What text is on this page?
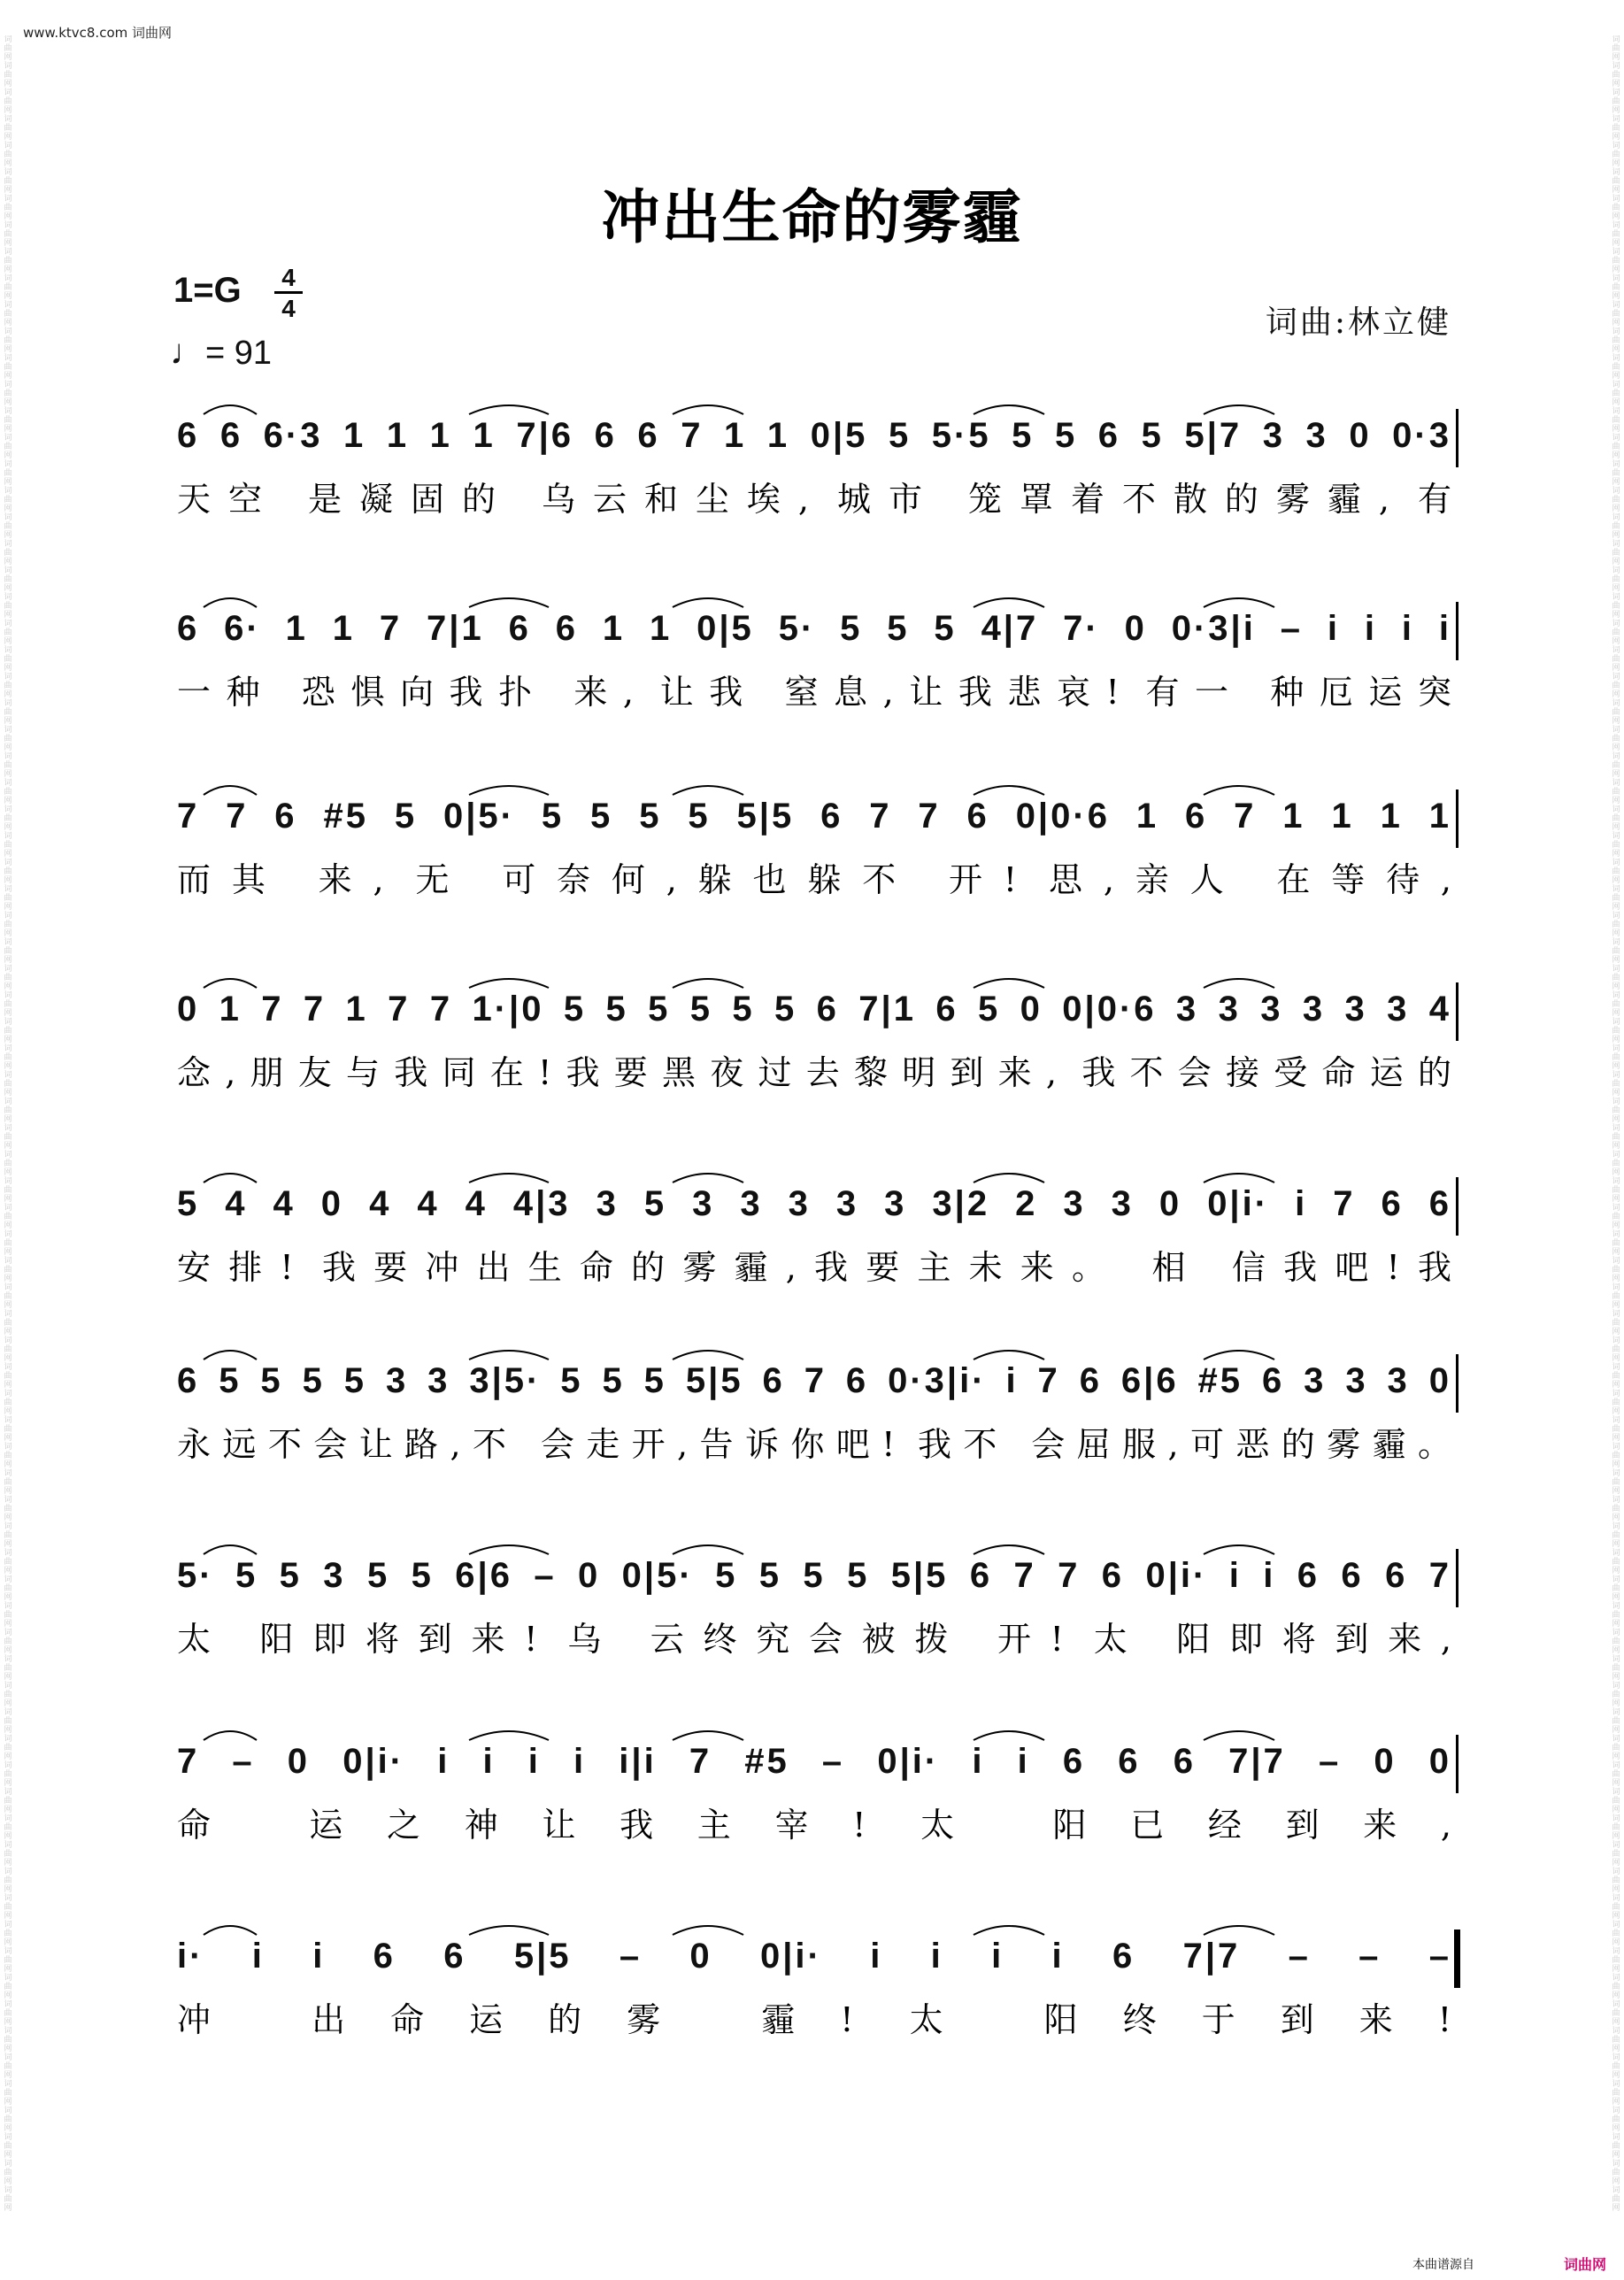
词曲网 词曲网 词曲网 词曲网 词曲网 词曲网 词曲网 词曲网 词曲网 词曲网 词曲网 词曲网 词曲网 词曲网 词曲网 词曲网 词曲网 词曲网 词曲网 词曲网 词曲网 词曲网 词曲网 词曲网 词曲网 词曲网 词曲网 词曲网 词曲网 词曲网 词曲网 词曲网 词曲网 词曲网 词曲网 词曲网 词曲网 词曲网 词曲网 词曲网 词曲网 词曲网 词曲网 词曲网 词曲网 词曲网 词曲网 词曲网 词曲网 词曲网 词曲网 词曲网 词曲网 词曲网 词曲网 词曲网 词曲网 词曲网 词曲网 词曲网 词曲网 词曲网 词曲网 词曲网 词曲网 词曲网 词曲网 词曲网 词曲网 词曲网 词曲网 词曲网 词曲网 词曲网 词曲网 词曲网 词曲网 词曲网 词曲网 词曲网 词曲网 词曲网
词曲网 词曲网 词曲网 词曲网 词曲网 词曲网 词曲网 词曲网 词曲网 词曲网 词曲网 词曲网 词曲网 词曲网 词曲网 词曲网 词曲网 词曲网 词曲网 词曲网 词曲网 词曲网 词曲网 词曲网 词曲网 词曲网 词曲网 词曲网 词曲网 词曲网 词曲网 词曲网 词曲网 词曲网 词曲网 词曲网 词曲网 词曲网 词曲网 词曲网 词曲网 词曲网 词曲网 词曲网 词曲网 词曲网 词曲网 词曲网 词曲网 词曲网 词曲网 词曲网 词曲网 词曲网 词曲网 词曲网 词曲网 词曲网 词曲网 词曲网 词曲网 词曲网 词曲网 词曲网 词曲网 词曲网 词曲网 词曲网 词曲网 词曲网 词曲网 词曲网 词曲网 词曲网 词曲网 词曲网 词曲网 词曲网 词曲网 词曲网 词曲网 词曲网
www.ktvc8.com 词曲网
冲出生命的雾霾
1=G 4
4
♩= 91
词曲:林立健
6 6 6·3 1 1 1 1 7|6 6 6 7 1 1 0|5 5 5·5 5 5 6 5 5|7 3 3 0 0·3
天空 是凝固的 乌云和尘埃, 城市 笼罩着不散的雾霾, 有
6 6· 1 1 7 7|1 6 6 1 1 0|5 5· 5 5 5 4|7 7· 0 0·3|i – i i i i
一种 恐惧向我扑 来, 让我 窒息,让我悲哀! 有一 种厄运突
7 7 6 #5 5 0|5· 5 5 5 5 5|5 6 7 7 6 0|0·6 1 6 7 1 1 1 1
而其 来, 无 可奈何,躲也躲不 开! 思,亲人 在等待,
0 1 7 7 1 7 7 1·|0 5 5 5 5 5 5 6 7|1 6 5 0 0|0·6 3 3 3 3 3 3 4
念,朋友与我同在!我要黑夜过去黎明到来, 我不会接受命运的
5 4 4 0 4 4 4 4|3 3 5 3 3 3 3 3 3|2 2 3 3 0 0|i· i 7 6 6
安排! 我要冲出生命的雾霾,我要主未来。 相 信我吧!我
6 5 5 5 5 3 3 3|5· 5 5 5 5|5 6 7 6 0·3|i· i 7 6 6|6 #5 6 3 3 3 0
永远不会让路,不 会走开,告诉你吧! 我不 会屈服,可恶的雾霾。
5· 5 5 3 5 5 6|6 – 0 0|5· 5 5 5 5 5|5 6 7 7 6 0|i· i i 6 6 6 7
太 阳即将到来! 乌 云终究会被拨 开! 太 阳即将到来,
7 – 0 0|i· i i i i i|i 7 #5 – 0|i· i i 6 6 6 7|7 – 0 0
命 运之神让我主宰! 太 阳已经到来,
i· i i 6 6 5|5 – 0 0|i· i i i i 6 7|7 – – –
冲 出命运的雾 霾! 太 阳终于到来!
本曲谱源自	词曲网
